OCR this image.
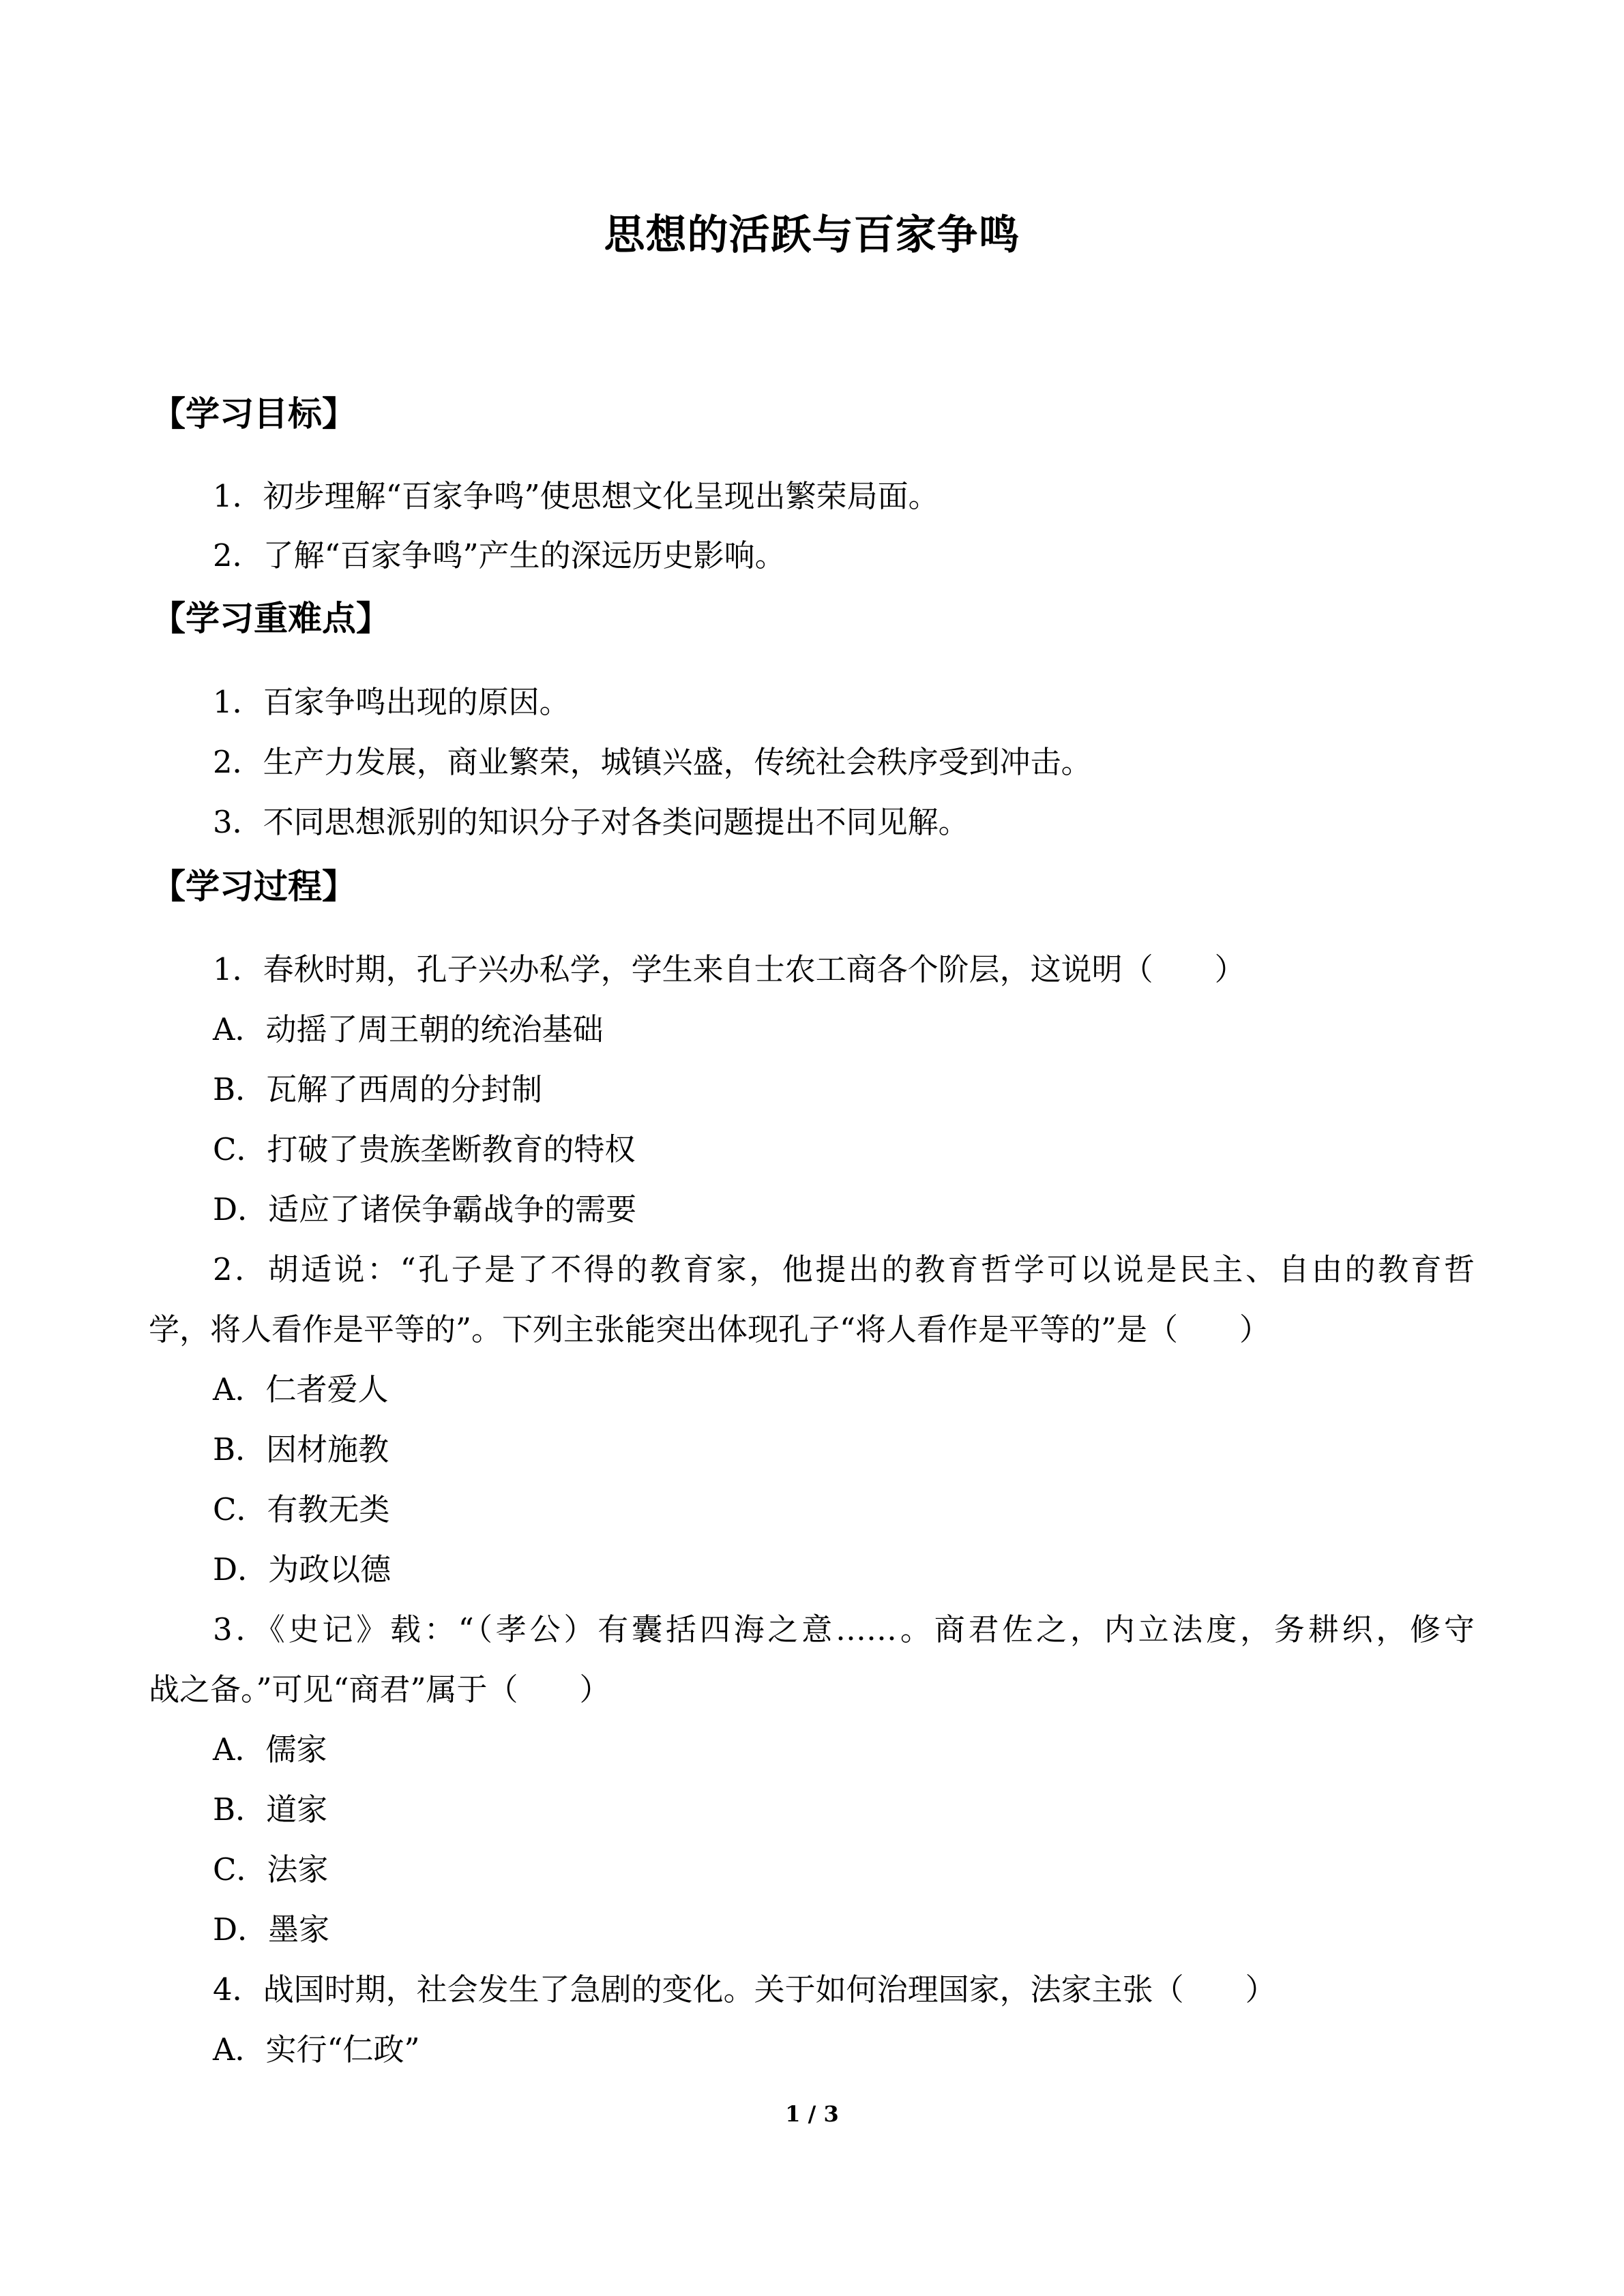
思想的活跃与百家争鸣
【学习目标】
1．初步理解“百家争鸣”使思想文化呈现出繁荣局面。
2．了解“百家争鸣”产生的深远历史影响。
【学习重难点】
1．百家争鸣出现的原因。
2．生产力发展，商业繁荣，城镇兴盛，传统社会秩序受到冲击。
3．不同思想派别的知识分子对各类问题提出不同见解。
【学习过程】
1．春秋时期，孔子兴办私学，学生来自士农工商各个阶层，这说明（　　）
A．动摇了周王朝的统治基础
B．瓦解了西周的分封制
C．打破了贵族垄断教育的特权
D．适应了诸侯争霸战争的需要
2．胡适说：“孔子是了不得的教育家，他提出的教育哲学可以说是民主、自由的教育哲
学，将人看作是平等的”。下列主张能突出体现孔子“将人看作是平等的”是（　　）
A．仁者爱人
B．因材施教
C．有教无类
D．为政以德
3．《史记》载：“（孝公）有囊括四海之意……。商君佐之，内立法度，务耕织，修守
战之备。”可见“商君”属于（　　）
A．儒家
B．道家
C．法家
D．墨家
4．战国时期，社会发生了急剧的变化。关于如何治理国家，法家主张（　　）
A．实行“仁政”
1 / 3
